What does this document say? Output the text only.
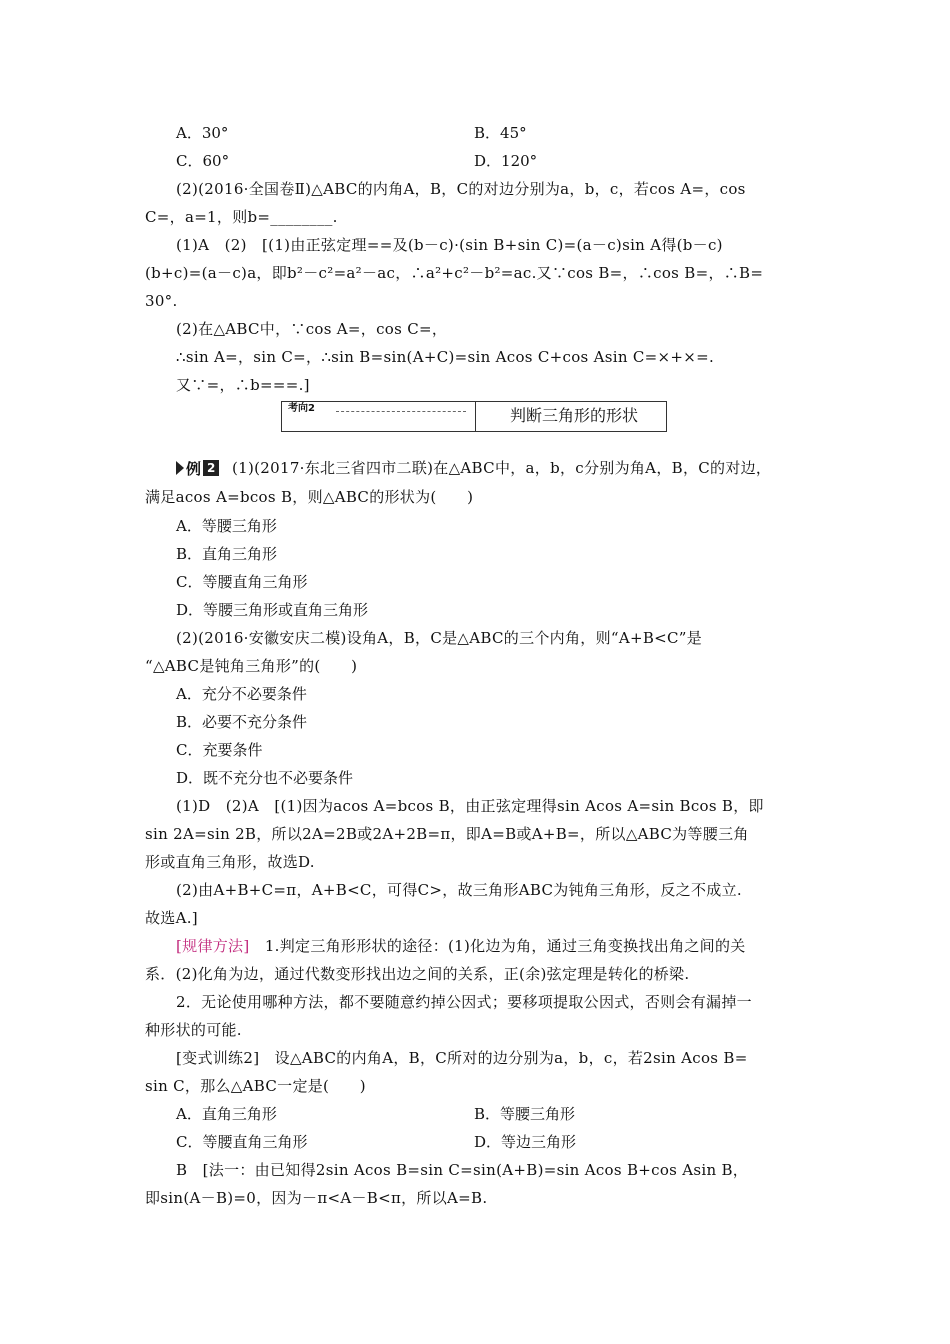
A．30°	B．45°
C．60°	D．120°
(2)(2016·全国卷Ⅱ)△ABC的内角A，B，C的对边分别为a，b，c，若cos A=，cos
C=，a=1，则b=________.
(1)A　(2)　[(1)由正弦定理==及(b－c)·(sin B+sin C)=(a－c)sin A得(b－c)
(b+c)=(a－c)a，即b²－c²=a²－ac，∴a²+c²－b²=ac.又∵cos B=，∴cos B=，∴B=
30°.
(2)在△ABC中，∵cos A=，cos C=，
∴sin A=，sin C=，∴sin B=sin(A+C)=sin Acos C+cos Asin C=×+×=.
又∵=，∴b===.]
考向2	判断三角形的形状
例 2 (1)(2017·东北三省四市二联)在△ABC中，a，b，c分别为角A，B，C的对边，
满足acos A=bcos B，则△ABC的形状为(　　)
A．等腰三角形
B．直角三角形
C．等腰直角三角形
D．等腰三角形或直角三角形
(2)(2016·安徽安庆二模)设角A，B，C是△ABC的三个内角，则“A+B<C”是
“△ABC是钝角三角形”的(　　)
A．充分不必要条件
B．必要不充分条件
C．充要条件
D．既不充分也不必要条件
(1)D　(2)A　[(1)因为acos A=bcos B，由正弦定理得sin Acos A=sin Bcos B，即
sin 2A=sin 2B，所以2A=2B或2A+2B=π，即A=B或A+B=，所以△ABC为等腰三角
形或直角三角形，故选D.
(2)由A+B+C=π，A+B<C，可得C>，故三角形ABC为钝角三角形，反之不成立.
故选A.]
[规律方法]　1.判定三角形形状的途径：(1)化边为角，通过三角变换找出角之间的关
系．(2)化角为边，通过代数变形找出边之间的关系，正(余)弦定理是转化的桥梁.
2．无论使用哪种方法，都不要随意约掉公因式；要移项提取公因式，否则会有漏掉一
种形状的可能.
[变式训练2]　设△ABC的内角A，B，C所对的边分别为a，b，c，若2sin Acos B=
sin C，那么△ABC一定是(　　)
A．直角三角形	B．等腰三角形
C．等腰直角三角形	D．等边三角形
B　[法一：由已知得2sin Acos B=sin C=sin(A+B)=sin Acos B+cos Asin B，
即sin(A－B)=0，因为－π<A－B<π，所以A=B.
